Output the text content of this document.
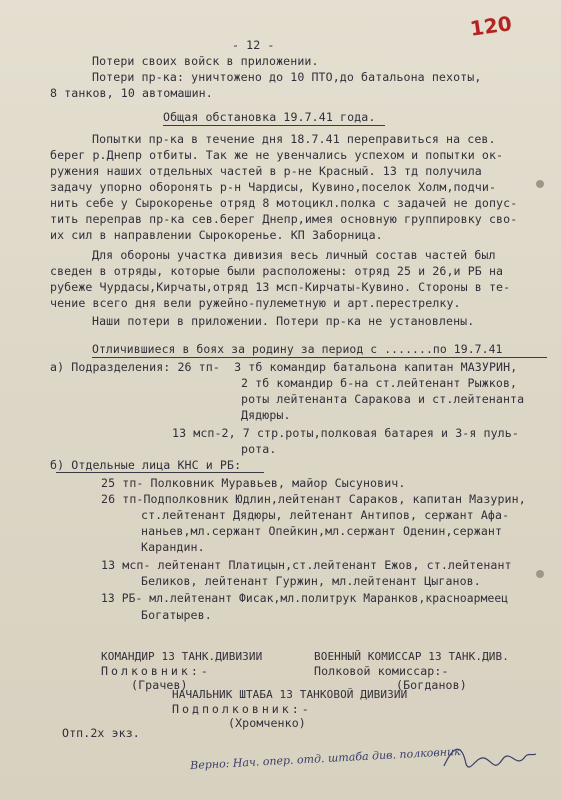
120
- 12 -
Потери своих войск в приложении.
Потери пр-ка: уничтожено до 10 ПТО,до батальона пехоты,
8 танков, 10 автомашин.
Общая обстановка 19.7.41 года.
Попытки пр-ка в течение дня 18.7.41 переправиться на сев.
берег р.Днепр отбиты. Так же не увенчались успехом и попытки ок-
ружения наших отдельных частей в р-не Красный. 13 тд получила
задачу упорно оборонять р-н Чардисы, Кувино,поселок Холм,подчи-
нить себе у Сырокоренье отряд 8 мотоцикл.полка с задачей не допус-
тить перепрaв пр-ка сев.берег Днепр,имея основную группировку сво-
их сил в направлении Сырокоренье. КП Заборница.
Для обороны участка дивизия весь личный состав частей был
сведен в отряды, которые были расположены: отряд 25 и 26,и РБ на
рубеже Чурдасы,Кирчаты,отряд 13 мсп-Кирчаты-Кувино. Стороны в те-
чение всего дня вели ружейно-пулеметную и арт.перестрелку.
Наши потери в приложении. Потери пр-ка не установлены.
Отличившиеся в боях за родину за период с .......по 19.7.41
а) Подразделения: 26 тп-  3 тб командир батальона капитан МАЗУРИН,
2 тб командир б-на ст.лейтенант Рыжков,
роты лейтенанта Саракова и ст.лейтенанта
Дядюры.
13 мсп-2, 7 стр.роты,полковая батарея и 3-я пуль-
рота.
б) Отдельные лица КНС и РБ:
25 тп- Полковник Муравьев, майор Сысунович.
26 тп-Подполковник Юдлин,лейтенант Сараков, капитан Мазурин,
ст.лейтенант Дядюры, лейтенант Антипов, сержант Афа-
наньев,мл.сержант Опейкин,мл.сержант Оденин,сержант
Карандин.
13 мсп- лейтенант Платицын,ст.лейтенант Ежов, ст.лейтенант
Беликов, лейтенант Гуржин, мл.лейтенант Цыганов.
13 РБ- мл.лейтенант Фисак,мл.политрук Маранков,красноармеец
Богатырев.
КОМАНДИР 13 ТАНК.ДИВИЗИИ
Полковник:-
(Грачев)
ВОЕННЫЙ КОМИССАР 13 ТАНК.ДИВ.
Полковой комиссар:-
(Богданов)
НАЧАЛЬНИК ШТАБА 13 ТАНКОВОЙ ДИВИЗИИ
Подполковник:-
(Хромченко)
Отп.2х экз.
Верно: Нач. опер. отд. штаба див. полковник
